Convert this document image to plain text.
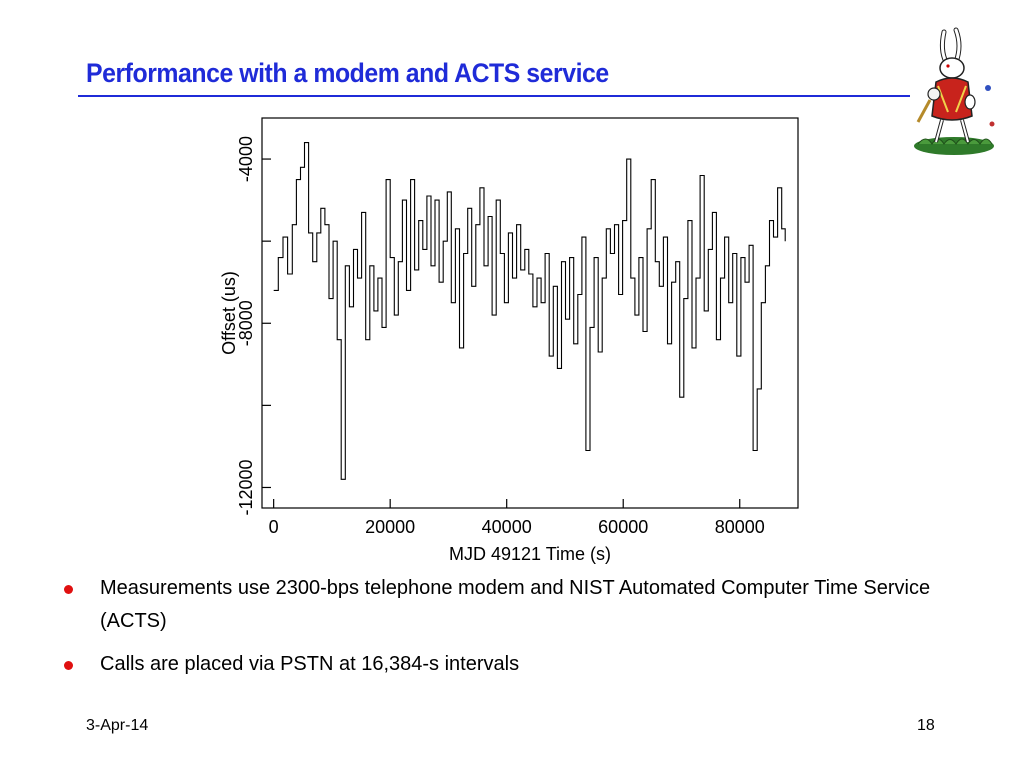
Performance with a modem and ACTS service
0	20000	40000	60000	80000
-4000
-8000
-12000
MJD 49121 Time (s)
Offset (us)
Measurements use 2300-bps telephone modem and NIST Automated Computer Time Service (ACTS)
Calls are placed via PSTN at 16,384-s intervals
3-Apr-14	18
